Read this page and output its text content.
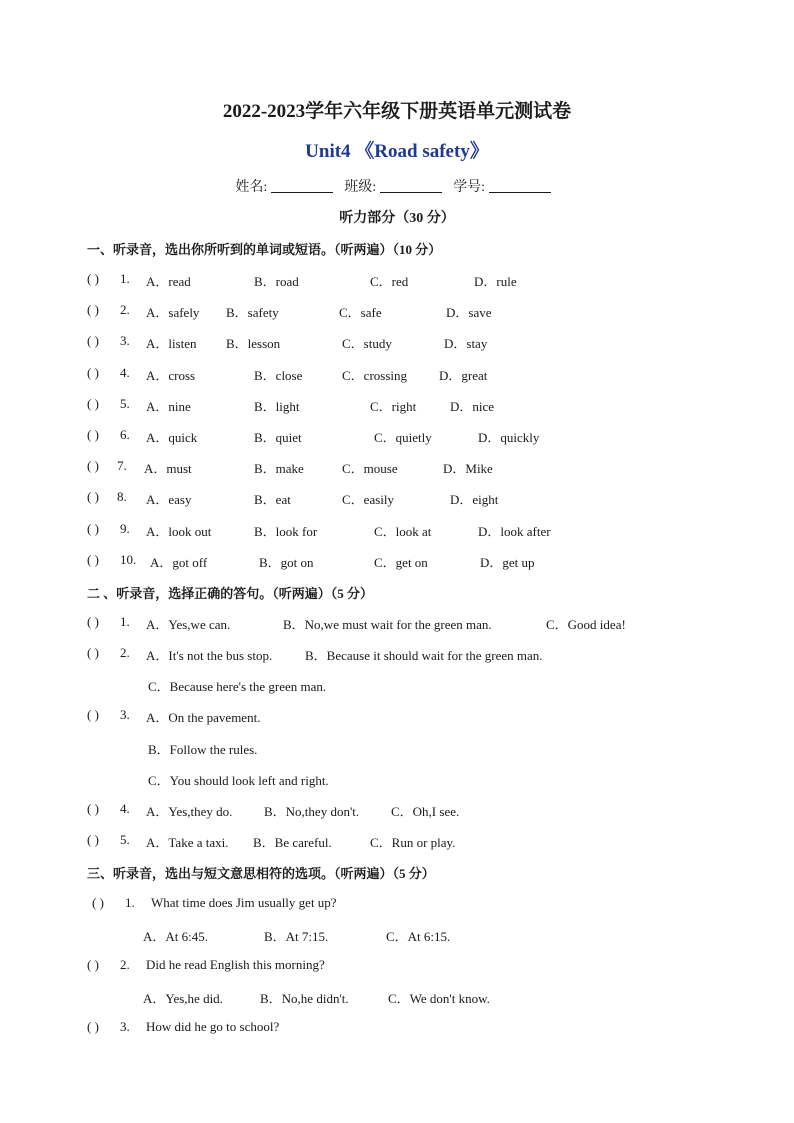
2022-2023学年六年级下册英语单元测试卷
Unit4 《Road safety》
姓名:	班级:	学号:
听力部分（30 分）
一、听录音，选出你所听到的单词或短语。（听两遍）（10 分）
( ) 1. A．read	B．road	C．red	D．rule
( ) 2. A．safely B．safety	C．safe	D．save
( ) 3. A．listen B．lesson	C．study	D．stay
( ) 4. A．cross	B．close	C．crossing D．great
( ) 5. A．nine	B．light	C．right	D．nice
( ) 6. A．quick	B．quiet	C．quietly	D．quickly
( ) 7. A．must	B．make	C．mouse	D．Mike
( ) 8. A．easy	B．eat	C．easily	D．eight
( ) 9. A．look out	B．look for	C．look at	D．look after
( ) 10. A．got off	B．got on	C．get on	D．get up
二 、听录音，选择正确的答句。（听两遍）（5 分）
( ) 1. A．Yes,we can.	B．No,we must wait for the green man.	C．Good idea!
( ) 2. A．It's not the bus stop.	B．Because it should wait for the green man.
C．Because here's the green man.
( ) 3. A．On the pavement.
B．Follow the rules.
C．You should look left and right.
( ) 4. A．Yes,they do. B．No,they don't. C．Oh,I see.
( ) 5. A．Take a taxi. B．Be careful.	C．Run or play.
三、听录音，选出与短文意思相符的选项。（听两遍）（5 分）
( ) 1. What time does Jim usually get up?
A．At 6:45.	B．At 7:15.	C．At 6:15.
( ) 2. Did he read English this morning?
A．Yes,he did.	B．No,he didn't.	C．We don't know.
( ) 3. How did he go to school?
